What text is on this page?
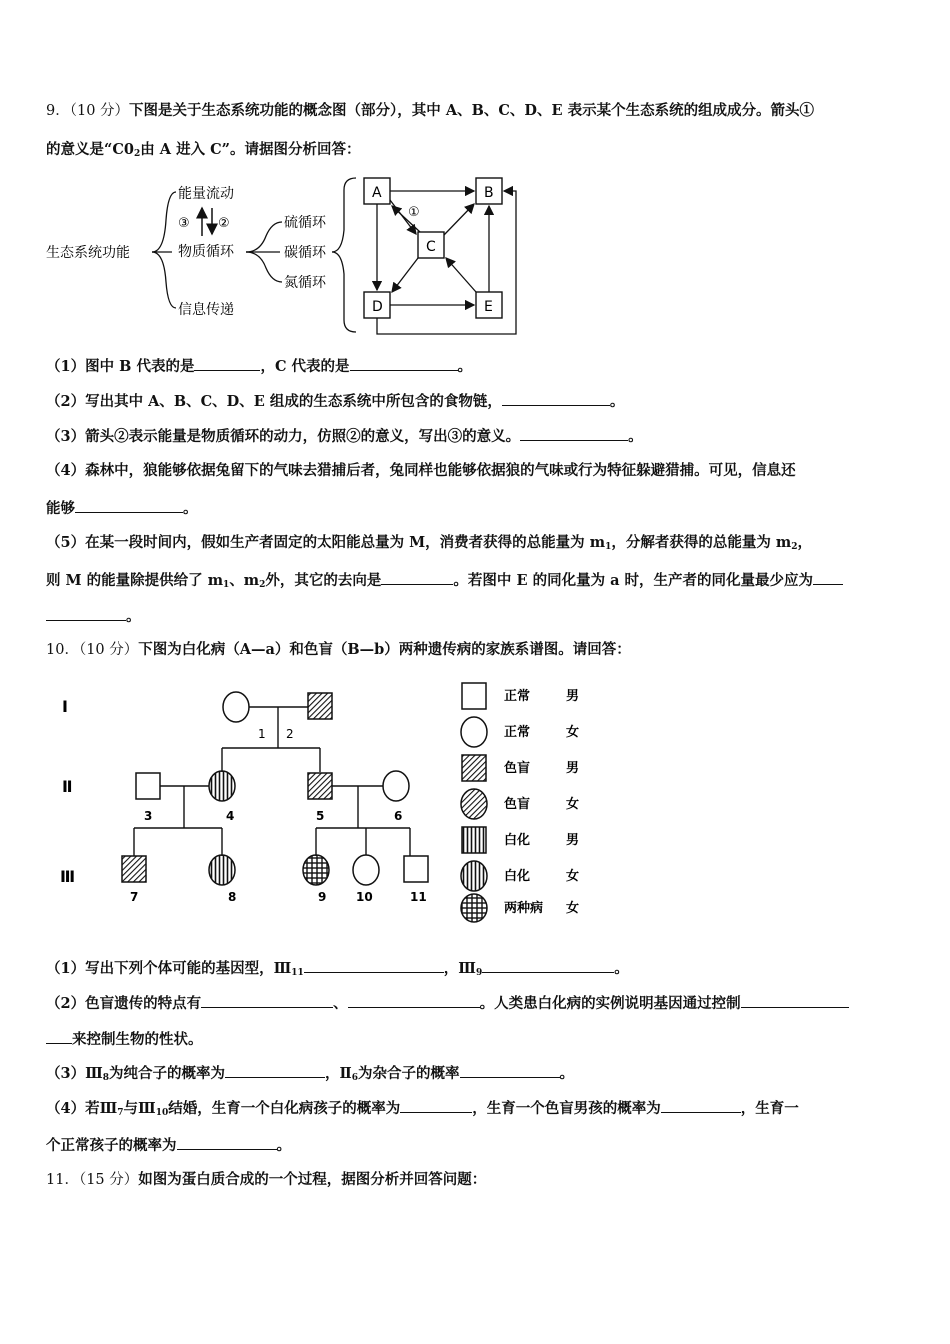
9．（10 分）下图是关于生态系统功能的概念图（部分），其中 A、B、C、D、E 表示某个生态系统的组成成分。箭头①
的意义是“$C0_2$由 A 进入 C”。请据图分析回答：
生态系统功能
能量流动
物质循环
信息传递
③ ②	硫循环
碳循环
氮循环
A	B
C
D	E
①
（1）图中 B 代表的是	，C 代表的是	。
（2）写出其中 A、B、C、D、E 组成的生态系统中所包含的食物链，	。
（3）箭头②表示能量是物质循环的动力，仿照②的意义，写出③的意义。	。
（4）森林中，狼能够依据兔留下的气味去猎捕后者，兔同样也能够依据狼的气味或行为特征躲避猎捕。可见，信息还
能够	。
（5）在某一段时间内，假如生产者固定的太阳能总量为 M，消费者获得的总能量为 $m_1$，分解者获得的总能量为 $m_2$，
则 M 的能量除提供给了 $m_1$、$m_2$外，其它的去向是	。若图中 E 的同化量为 a 时，生产者的同化量最少应为
。
10．（10 分）下图为白化病（A—a）和色盲（B—b）两种遗传病的家族系谱图。请回答：
Ⅰ
Ⅱ
Ⅲ
1 2
3	4	5	6
7	8	9 10	11
正常	男
正常	女
色盲	男
色盲	女
白化	男
白化	女
两种病 女
（1）写出下列个体可能的基因型，$Ⅲ_{11}$	，$Ⅲ_9$	。
（2）色盲遗传的特点有	、	。人类患白化病的实例说明基因通过控制
来控制生物的性状。
$(3)Ⅲ_8$为纯合子的概率为	，$Ⅱ_6$为杂合子的概率	。
（4）若$Ⅲ_7$与$Ⅲ_{10}$结婚，生育一个白化病孩子的概率为	，生育一个色盲男孩的概率为	，生育一
个正常孩子的概率为	。
11．（15 分）如图为蛋白质合成的一个过程，据图分析并回答问题：
